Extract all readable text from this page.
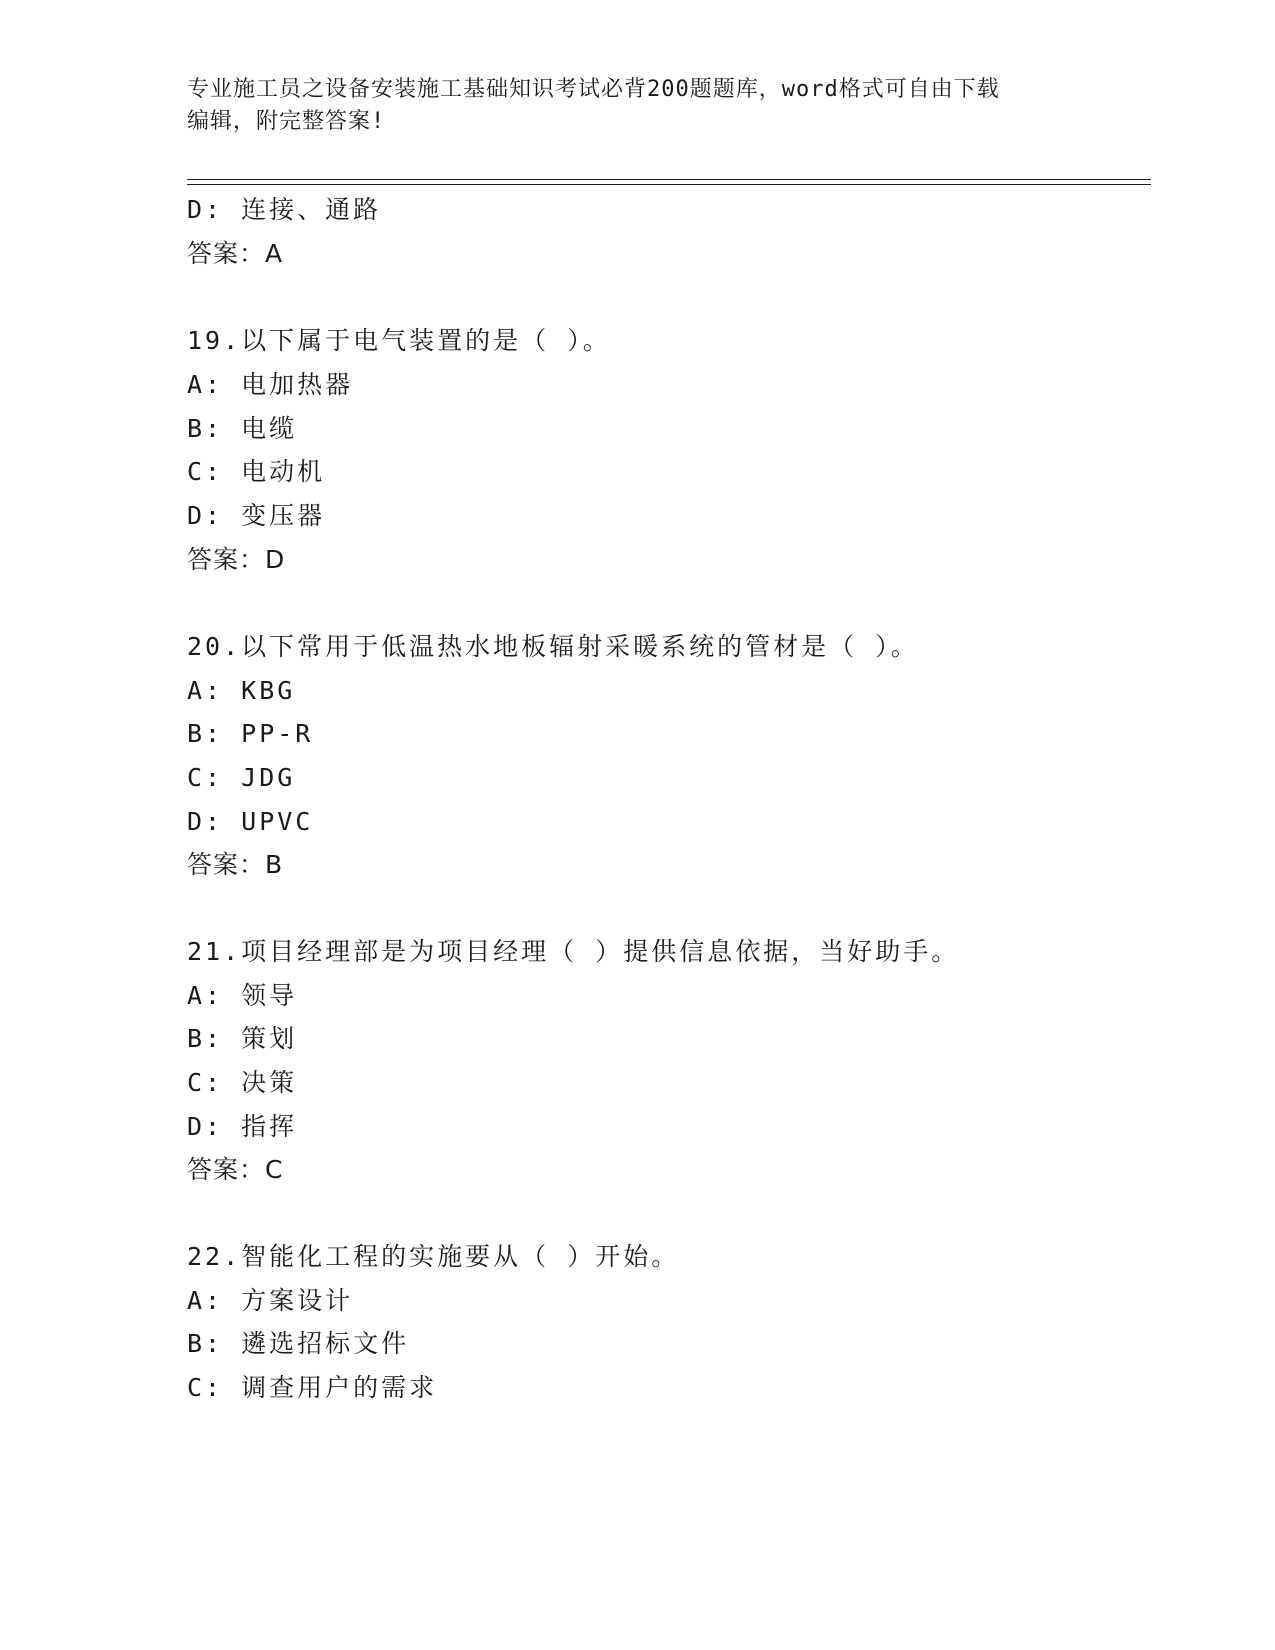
专业施工员之设备安装施工基础知识考试必背200题题库，word格式可自由下载
编辑，附完整答案!
D: 连接、通路
答案：A
19.以下属于电气装置的是（ ）。
A: 电加热器
B: 电缆
C: 电动机
D: 变压器
答案：D
20.以下常用于低温热水地板辐射采暖系统的管材是（ ）。
A: KBG
B: PP-R
C: JDG
D: UPVC
答案：B
21.项目经理部是为项目经理（ ）提供信息依据，当好助手。
A: 领导
B: 策划
C: 决策
D: 指挥
答案：C
22.智能化工程的实施要从（ ）开始。
A: 方案设计
B: 遴选招标文件
C: 调查用户的需求
